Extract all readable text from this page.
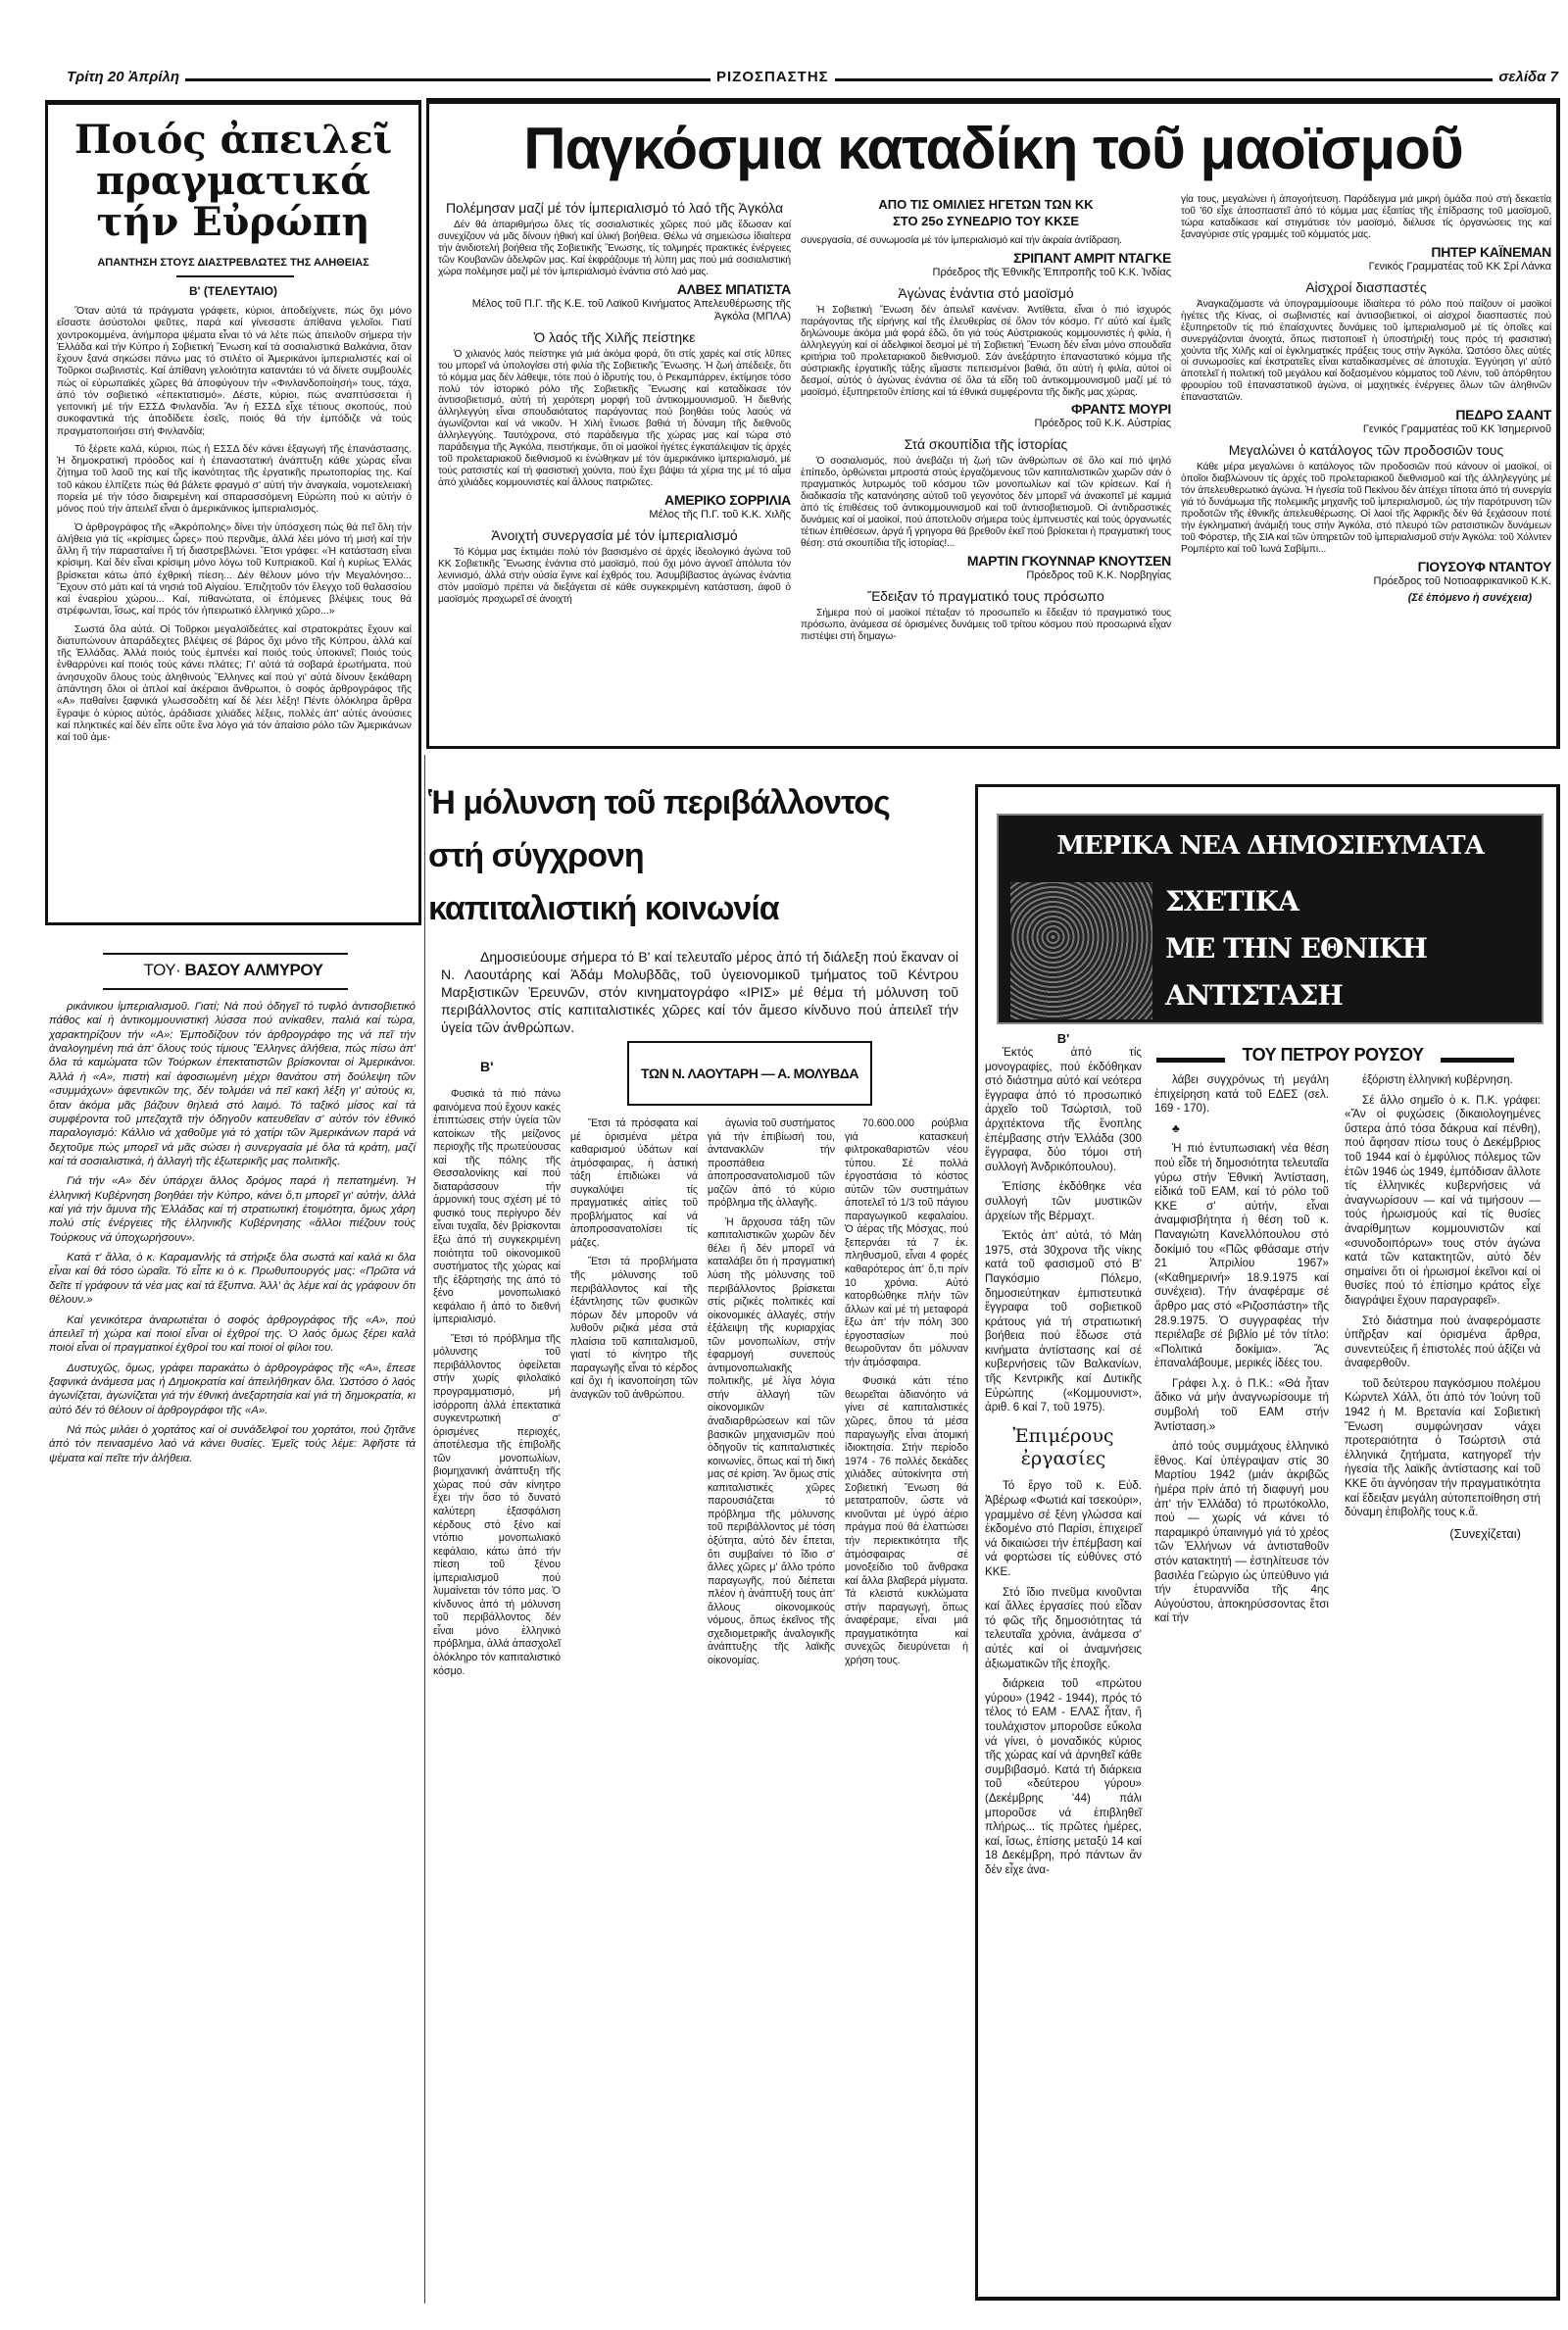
Τρίτη 20 Ἀπρίλη	ΡΙΖΟΣΠΑΣΤΗΣ	σελίδα 7
Ποιός ἀπειλεῖ
πραγματικά
τήν Εὐρώπη
ΑΠΑΝΤΗΣΗ ΣΤΟΥΣ ΔΙΑΣΤΡΕΒΛΩΤΕΣ ΤΗΣ ΑΛΗΘΕΙΑΣ
Β' (ΤΕΛΕΥΤΑΙΟ)

Ὅταν αὐτά τά πράγματα γράφετε, κύριοι, ἀποδείχνετε, πώς ὄχι μόνο εἴσαστε ἀσύστολοι ψεῦτες, παρά καί γίνεσαστε ἀπίθανα γελοῖοι. Γιατί χοντροκομμένα, ἀνήμπορα ψέματα εἶναι τό νά λέτε πώς ἀπειλοῦν σήμερα τήν Ἑλλάδα καί τήν Κύπρο ἡ Σοβιετική Ἕνωση καί τά σοσιαλιστικά Βαλκάνια, ὅταν ἔχουν ξανά σηκώσει πάνω μας τό στιλέτο οἱ Ἀμερικάνοι ἰμπεριαλιστές καί οἱ Τοῦρκοι σωβινιστές. Καί ἀπίθανη γελοιότητα καταντάει τό νά δίνετε συμβουλές πώς οἱ εὐρωπαϊκές χῶρες θά ἀποφύγουν τήν «Φινλανδοποίησή» τους, τάχα, ἀπό τόν σοβιετικό «ἐπεκτατισμό». Δέστε, κύριοι, πώς αναπτύσσεται ἡ γειτονική μέ τήν ΕΣΣΔ Φινλανδία. Ἄν ἡ ΕΣΣΔ εἶχε τέτιους σκοπούς, πού συκοφαντικά τής ἀποδίδετε ἐσεῖς, ποιός θά τήν ἐμπόδιζε νά τούς πραγματοποιήσει στή Φινλανδία;

Τό ξέρετε καλά, κύριοι, πώς ἡ ΕΣΣΔ δέν κάνει ἐξαγωγή τῆς ἐπανάστασης. Ἡ δημοκρατική πρόοδος καί ἡ ἐπαναστατική ἀνάπτυξη κάθε χώρας εἶναι ζήτημα τοῦ λαοῦ της καί τῆς ἱκανότητας τῆς ἐργατικῆς πρωτοπορίας της. Καί τοῦ κάκου ἐλπίζετε πώς θά βάλετε φραγμό σ' αὐτή τήν ἀναγκαία, νομοτελειακή πορεία μέ τήν τόσο διαιρεμένη καί σπαρασσόμενη Εὐρώπη πού κι αὐτήν ὁ μόνος πού τήν ἀπειλεῖ εἶναι ὁ ἀμερικάνικος ἰμπεριαλισμός.

Ὁ ἀρθρογράφος τῆς «Ἀκρόπολης» δίνει τήν ὑπόσχεση πώς θά πεῖ ὅλη τήν ἀλήθεια γιά τίς «κρίσιμες ὧρες» πού περνᾶμε, ἀλλά λέει μόνο τή μισή καί τήν ἄλλη ἤ τήν παρασταίνει ἤ τή διαστρεβλώνει. Ἔτσι γράφει: «Ἡ κατάσταση εἶναι κρίσιμη. Καί δέν εἶναι κρίσιμη μόνο λόγω τοῦ Κυπριακοῦ. Καί ἡ κυρίως Ἑλλάς βρίσκεται κάτω ἀπό ἐχθρική πίεση... Δέν θέλουν μόνο τήν Μεγαλόνησο... Ἔχουν στό μάτι καί τά νησιά τοῦ Αἰγαίου. Ἐπιζητοῦν τόν ἔλεγχο τοῦ θαλασσίου καί ἐναερίου χώρου... Καί, πιθανώτατα, οἱ ἑπόμενες βλέψεις τους θά στρέφωνται, ἴσως, καί πρός τόν ἠπειρωτικό ἑλληνικό χῶρο...»

Σωστά ὅλα αὐτά. Οἱ Τοῦρκοι μεγαλοϊδεάτες καί στρατοκράτες ἔχουν καί διατυπώνουν ἀπαράδεχτες βλέψεις σέ βάρος ὄχι μόνο τῆς Κύπρου, ἀλλά καί τῆς Ἑλλάδας. Ἀλλά ποιός τούς ἐμπνέει καί ποιός τούς ὑποκινεῖ; Ποιός τούς ἐνθαρρύνει καί ποιός τούς κάνει πλάτες; Γι' αὐτά τά σοβαρά ἐρωτήματα, πού ἀνησυχοῦν ὅλους τούς ἀληθινούς Ἕλληνες καί πού γι' αὐτά δίνουν ξεκάθαρη ἀπάντηση ὅλοι οἱ ἁπλοί καί ἀκέραιοι ἄνθρωποι, ὁ σοφός ἀρθρογράφος τῆς «Α» παθαίνει ξαφνικά γλωσσοδέτη καί δέ λέει λέξη! Πέντε ὁλόκληρα ἄρθρα ἔγραψε ὁ κύριος αὐτός, ἀράδιασε χιλιάδες λέξεις, πολλές ἀπ' αὐτές ἀνούσιες καί πληκτικές καί δέν εἶπε οὔτε ἕνα λόγο γιά τόν ἀπαίσιο ρόλο τῶν Ἀμερικάνων καί τοῦ ἀμε-

ΤΟΥ· ΒΑΣΟΥ ΑΛΜΥΡΟΥ

ρικάνικου ἰμπεριαλισμοῦ. Γιατί; Νά πού ὁδηγεῖ τό τυφλό ἀντισοβιετικό πάθος καί ἡ ἀντικομμουνιστική λύσσα πού ανίκαθεν, παλιά καί τώρα, χαρακτηρίζουν τήν «Α»: Ἐμποδίζουν τόν ἀρθρογράφο της νά πεῖ τήν ἀναλογημένη πιά ἀπ' ὅλους τούς τίμιους Ἕλληνες ἀλήθεια, πώς πίσω ἀπ' ὅλα τά καμώματα τῶν Τούρκων ἐπεκτατιστῶν βρίσκονται οἱ Ἀμερικάνοι. Ἀλλά ἡ «Α», πιστή καί ἀφοσιωμένη μέχρι θανάτου στή δούλεψη τῶν «συμμάχων» ἀφεντικῶν της, δέν τολμάει νά πεῖ κακή λέξη γι' αὐτούς κι, ὅταν ἀκόμα μᾶς βάζουν θηλειά στό λαιμό. Τό ταξικό μίσος καί τά συμφέροντα τοῦ μπεζαχτᾶ τήν ὁδηγοῦν κατευθεῖαν σ' αὐτόν τόν ἐθνικό παραλογισμό: Κάλλιο νά χαθοῦμε γιά τό χατίρι τῶν Ἀμερικάνων παρά νά δεχτοῦμε πώς μπορεῖ νά μᾶς σώσει ἡ συνεργασία μέ ὅλα τά κράτη, μαζί καί τά σοσιαλιστικά, ἡ ἀλλαγή τῆς ἐξωτερικῆς μας πολιτικῆς.

Γιά τήν «Α» δέν ὑπάρχει ἄλλος δρόμος παρά ἡ πεπατημένη. Ἡ ἑλληνική Κυβέρνηση βοηθάει τήν Κύπρο, κάνει ὅ,τι μπορεῖ γι' αὐτήν, ἀλλά καί γιά τήν ἄμυνα τῆς Ἑλλάδας καί τή στρατιωτική ἑτοιμότητα, ὅμως χάρη πολύ στίς ἐνέργειες τῆς ἑλληνικῆς Κυβέρνησης «ἄλλοι πιέζουν τούς Τούρκους νά ὑποχωρήσουν».

Κατά τ' ἄλλα, ὁ κ. Καραμανλής τά στήριξε ὅλα σωστά καί καλά κι ὅλα εἶναι καί θά τόσο ὡραῖα. Τό εἶπε κι ὁ κ. Πρωθυπουργός μας: «Πρῶτα νά δεῖτε τί γράφουν τά νέα μας καί τά ἔξυπνα. Ἀλλ' ἀς λέμε καί ἀς γράφουν ὅτι θέλουν.»

Καί γενικότερα ἀναρωτιέται ὁ σοφός ἀρθρογράφος τῆς «Α», πού ἀπειλεῖ τή χώρα καί ποιοί εἶναι οἱ ἐχθροί της. Ὁ λαός ὅμως ξέρει καλά ποιοί εἶναι οἱ πραγματικοί ἐχθροί του καί ποιοί οἱ φίλοι του.

Δυστυχῶς, ὅμως, γράφει παρακάτω ὁ ἀρθρογράφος τῆς «Α», ἔπεσε ξαφνικά ἀνάμεσα μας ἡ Δημοκρατία καί ἀπειλήθηκαν ὅλα. Ὡστόσο ὁ λαός ἀγωνίζεται, ἀγωνίζεται γιά τήν ἐθνική ἀνεξαρτησία καί γιά τή δημοκρατία, κι αὐτό δέν τό θέλουν οἱ ἀρθρογράφοι τῆς «Α».

Νά πώς μιλάει ὁ χορτάτος καί οἱ συνάδελφοί του χορτάτοι, πού ζητᾶνε ἀπό τόν πεινασμένο λαό νά κάνει θυσίες. Ἐμεῖς τούς λέμε: Ἀφῆστε τά ψέματα καί πεῖτε τήν ἀλήθεια.

Παγκόσμια καταδίκη τοῦ μαοϊσμοῦ
Πολέμησαν μαζί μέ τόν ἰμπεριαλισμό τό λαό τῆς Ἀγκόλα

Δέν θά ἀπαριθμήσω ὅλες τίς σοσιαλιστικές χῶρες πού μᾶς ἔδωσαν καί συνεχίζουν νά μᾶς δίνουν ἠθική καί ὑλική βοήθεια. Θέλω νά σημειώσω ἰδιαίτερα τήν ἀνιδιοτελή βοήθεια τῆς Σοβιετικῆς Ἕνωσης, τίς τολμηρές πρακτικές ἐνέργειες τῶν Κουβανῶν ἀδελφῶν μας. Καί ἐκφράζουμε τή λύπη μας πού μιά σοσιαλιστική χώρα πολέμησε μαζί μέ τόν ἰμπεριαλισμό ἐνάντια στό λαό μας.

ΑΛΒΕΣ ΜΠΑΤΙΣΤΑ
Μέλος τοῦ Π.Γ. τῆς Κ.Ε. τοῦ Λαϊκοῦ Κινήματος Ἀπελευθέρωσης τῆς Ἀγκόλα (ΜΠΛΑ)
Ὁ λαός τῆς Χιλῆς πείστηκε

Ὁ χιλιανός λαός πείστηκε γιά μιά ἀκόμα φορά, ὅτι στίς χαρές καί στίς λῦπες του μπορεῖ νά ὑπολογίσει στή φιλία τῆς Σοβιετικῆς Ἕνωσης. Ἡ ζωή ἀπέδειξε, ὅτι τό κόμμα μας δέν λάθεψε, τότε πού ὁ ἱδρυτής του, ὁ Ρεκαμπάρρεν, ἐκτίμησε τόσο πολύ τόν ἱστορικό ρόλο τῆς Σοβιετικῆς Ἕνωσης καί καταδίκασε τόν ἀντισοβιετισμό, αὐτή τή χειρότερη μορφή τοῦ ἀντικομμουνισμοῦ. Ἡ διεθνής ἀλληλεγγύη εἶναι σπουδαιότατος παράγοντας πού βοηθάει τούς λαούς νά ἀγωνίζονται καί νά νικοῦν. Ἡ Χιλή ἔνιωσε βαθιά τή δύναμη τῆς διεθνοῦς ἀλληλεγγύης. Ταυτόχρονα, στό παράδειγμα τῆς χώρας μας καί τώρα στό παράδειγμα τῆς Ἀγκόλα, πειστήκαμε, ὅτι οἱ μαοϊκοί ἡγέτες ἐγκατάλειψαν τίς ἀρχές τοῦ προλεταριακοῦ διεθνισμοῦ κι ἑνώθηκαν μέ τόν ἀμερικάνικο ἰμπεριαλισμό, μέ τούς ρατσιστές καί τή φασιστική χούντα, πού ἔχει βάψει τά χέρια της μέ τό αἷμα ἀπό χιλιάδες κομμουνιστές καί ἄλλους πατριῶτες.

ΑΜΕΡΙΚΟ ΣΟΡΡΙΛΙΑ
Μέλος τῆς Π.Γ. τοῦ Κ.Κ. Χιλῆς
Ἀνοιχτή συνεργασία μέ τόν ἰμπεριαλισμό

Τό Κόμμα μας ἐκτιμάει πολύ τόν βασισμένο σέ ἀρχές ἰδεολογικό ἀγώνα τοῦ ΚΚ Σοβιετικῆς Ἕνωσης ἐνάντια στό μαοϊσμό, πού ὄχι μόνο ἀγνοεῖ ἀπόλυτα τόν λενινισμό, ἀλλά στήν οὐσία ἔγινε καί ἐχθρός του. Ἀσυμβίβαστος ἀγώνας ἐνάντια στόν μαοϊσμό πρέπει νά διεξάγεται σέ κάθε συγκεκριμένη κατάσταση, ἀφοῦ ὁ μαοϊσμός προχωρεῖ σέ ἀνοιχτή

ΑΠΟ ΤΙΣ ΟΜΙΛΙΕΣ ΗΓΕΤΩΝ ΤΩΝ ΚΚ
ΣΤΟ 25ο ΣΥΝΕΔΡΙΟ ΤΟΥ ΚΚΣΕ

συνεργασία, σέ συνωμοσία μέ τόν ἰμπεριαλισμό καί τήν ἀκραία ἀντίδραση.

ΣΡΙΠΑΝΤ ΑΜΡΙΤ ΝΤΑΓΚΕ
Πρόεδρος τῆς Ἐθνικῆς Ἐπιτροπῆς τοῦ Κ.Κ. Ἰνδίας
Ἀγώνας ἐνάντια στό μαοϊσμό

Ἡ Σοβιετική Ἕνωση δέν ἀπειλεῖ κανέναν. Ἀντίθετα, εἶναι ὁ πιό ἰσχυρός παράγοντας τῆς εἰρήνης καί τῆς ἐλευθερίας σέ ὅλον τόν κόσμο. Γι' αὐτό καί ἐμεῖς δηλώνουμε ἀκόμα μιά φορά ἐδῶ, ὅτι γιά τούς Αὐστριακούς κομμουνιστές ἡ φιλία, ἡ ἀλληλεγγύη καί οἱ ἀδελφικοί δεσμοί μέ τή Σοβιετική Ἕνωση δέν εἶναι μόνο σπουδαῖα κριτήρια τοῦ προλεταριακοῦ διεθνισμοῦ. Σάν ἀνεξάρτητο ἐπαναστατικό κόμμα τῆς αὐστριακῆς ἐργατικῆς τάξης εἴμαστε πεπεισμένοι βαθιά, ὅτι αὐτή ἡ φιλία, αὐτοί οἱ δεσμοί, αὐτός ὁ ἀγώνας ἐνάντια σέ ὅλα τά εἴδη τοῦ ἀντικομμουνισμοῦ μαζί μέ τό μαοϊσμό, ἐξυπηρετοῦν ἐπίσης καί τά ἐθνικά συμφέροντα τῆς δικῆς μας χώρας.

ΦΡΑΝΤΣ ΜΟΥΡΙ
Πρόεδρος τοῦ Κ.Κ. Αὐστρίας
Στά σκουπίδια τῆς ἱστορίας

Ὁ σοσιαλισμός, πού ἀνεβάζει τή ζωή τῶν ἀνθρώπων σέ ὅλο καί πιό ψηλό ἐπίπεδο, ὀρθώνεται μπροστά στούς ἐργαζόμενους τῶν καπιταλιστικῶν χωρῶν σάν ὁ πραγματικός λυτρωμός τοῦ κόσμου τῶν μονοπωλίων καί τῶν κρίσεων. Καί ἡ διαδικασία τῆς κατανόησης αὐτοῦ τοῦ γεγονότος δέν μπορεῖ νά ἀνακοπεῖ μέ καμμιά ἀπό τίς ἐπιθέσεις τοῦ ἀντικομμουνισμοῦ καί τοῦ ἀντισοβιετισμοῦ. Οἱ ἀντιδραστικές δυνάμεις καί οἱ μαοϊκοί, πού ἀποτελοῦν σήμερα τούς ἐμπνευστές καί τούς ὀργανωτές τέτιων ἐπιθέσεων, ἀργά ἤ γρηγορα θά βρεθοῦν ἐκεῖ πού βρίσκεται ἡ πραγματική τους θέση: στά σκουπίδια τῆς ἱστορίας!...

ΜΑΡΤΙΝ ΓΚΟΥΝΝΑΡ ΚΝΟΥΤΣΕΝ
Πρόεδρος τοῦ Κ.Κ. Νορβηγίας
Ἔδειξαν τό πραγματικό τους πρόσωπο

Σήμερα πού οἱ μαοϊκοί πέταξαν τό προσωπεῖο κι ἔδειξαν τό πραγματικό τους πρόσωπο, ἀνάμεσα σέ ὁρισμένες δυνάμεις τοῦ τρίτου κόσμου πού προσωρινά εἶχαν πιστέψει στή δημαγω-

γία τους, μεγαλώνει ἡ ἀπογοήτευση. Παράδειγμα μιά μικρή ὁμάδα πού στή δεκαετία τοῦ '60 εἶχε ἀποσπαστεῖ ἀπό τό κόμμα μας ἐξαιτίας τῆς ἐπίδρασης τοῦ μαοϊσμοῦ, τώρα καταδίκασε καί στιγμάτισε τόν μαοϊσμό, διέλυσε τίς ὀργανώσεις της καί ξαναγύρισε στίς γραμμές τοῦ κόμματός μας.

ΠΗΤΕΡ ΚΑΪΝΕΜΑΝ
Γενικός Γραμματέας τοῦ ΚΚ Σρί Λάνκα
Αἰσχροί διασπαστές

Ἀναγκαζόμαστε νά ὑπογραμμίσουμε ἰδιαίτερα τό ρόλο πού παίζουν οἱ μαοϊκοί ἡγέτες τῆς Κίνας, οἱ σωβινιστές καί ἀντισοβιετικοί, οἱ αἰσχροί διασπαστές πού ἐξυπηρετοῦν τίς πιό ἐπαίσχυντες δυνάμεις τοῦ ἰμπεριαλισμοῦ μέ τίς ὁποῖες καί συνεργάζονται ἀνοιχτά, ὅπως πιστοποιεῖ ἡ ὑποστήριξή τους πρός τή φασιστική χούντα τῆς Χιλῆς καί οἱ ἐγκληματικές πράξεις τους στήν Ἀγκόλα. Ὡστόσο ὅλες αὐτές οἱ συνωμοσίες καί ἐκστρατεῖες εἶναι καταδικασμένες σέ ἀποτυχία. Ἐγγύηση γι' αὐτό ἀποτελεῖ ἡ πολιτική τοῦ μεγάλου καί δοξασμένου κόμματος τοῦ Λένιν, τοῦ ἀπόρθητου φρουρίου τοῦ ἐπαναστατικοῦ ἀγώνα, οἱ μαχητικές ἐνέργειες ὅλων τῶν ἀληθινῶν ἐπαναστατῶν.

ΠΕΔΡΟ ΣΑΑΝΤ
Γενικός Γραμματέας τοῦ ΚΚ Ἰσημερινοῦ
Μεγαλώνει ὁ κατάλογος τῶν προδοσιῶν τους

Κάθε μέρα μεγαλώνει ὁ κατάλογος τῶν προδοσιῶν πού κάνουν οἱ μαοϊκοί, οἱ ὁποῖοι διαβλώνουν τίς ἀρχές τοῦ προλεταριακοῦ διεθνισμοῦ καί τῆς ἀλληλεγγύης μέ τόν ἀπελευθερωτικό ἀγώνα. Ἡ ἡγεσία τοῦ Πεκίνου δέν ἀπέχει τίποτα ἀπό τή συνεργία γιά τό δυνάμωμα τῆς πολεμικῆς μηχανῆς τοῦ ἰμπεριαλισμοῦ, ὡς τήν παρότρυνση τῶν προδοτῶν τῆς ἐθνικῆς ἀπελευθέρωσης. Οἱ λαοί τῆς Ἀφρικῆς δέν θά ξεχάσουν ποτέ τήν ἐγκληματική ἀνάμιξή τους στήν Ἀγκόλα, στό πλευρό τῶν ρατσιστικῶν δυνάμεων τοῦ Φόρστερ, τῆς ΣΙΑ καί τῶν ὑπηρετῶν τοῦ ἰμπεριαλισμοῦ στήν Ἀγκόλα: τοῦ Χόλντεν Ρομπέρτο καί τοῦ Ἰωνά Σαβίμπι...

ΓΙΟΥΣΟΥΦ ΝΤΑΝΤΟΥ
Πρόεδρος τοῦ Νοτιοαφρικανικοῦ Κ.Κ.
(Σέ ἑπόμενο ἡ συνέχεια)
Ἡ μόλυνση τοῦ περιβάλλοντος
στή σύγχρονη
καπιταλιστική κοινωνία
Δημοσιεύουμε σήμερα τό Β' καί τελευταῖο μέρος ἀπό τή διάλεξη πού ἔκαναν οἱ Ν. Λαουτάρης καί Ἀδάμ Μολυβδᾶς, τοῦ ὑγειονομικοῦ τμήματος τοῦ Κέντρου Μαρξιστικῶν Ἐρευνῶν, στόν κινηματογράφο «ΙΡΙΣ» μέ θέμα τή μόλυνση τοῦ περιβάλλοντος στίς καπιταλιστικές χῶρες καί τόν ἄμεσο κίνδυνο πού ἀπειλεῖ τήν ὑγεία τῶν ἀνθρώπων.
Β'	ΤΩΝ Ν. ΛΑΟΥΤΑΡΗ — Α. ΜΟΛΥΒΔΑ

Φυσικά τά πιό πάνω φαινόμενα πού ἔχουν κακές ἐπιπτώσεις στήν ὑγεία τῶν κατοίκων τῆς μείζονος περιοχῆς τῆς πρωτεύουσας καί τῆς πόλης τῆς Θεσσαλονίκης καί πού διαταράσσουν τήν ἁρμονική τους σχέση μέ τό φυσικό τους περίγυρο δέν εἶναι τυχαῖα, δέν βρίσκονται ἔξω ἀπό τή συγκεκριμένη ποιότητα τοῦ οἰκονομικοῦ συστήματος τῆς χώρας καί τῆς ἐξάρτησής της ἀπό τό ξένο μονοπωλιακό κεφάλαιο ἤ ἀπό το διεθνή ἰμπεριαλισμό.

Ἔτσι τό πρόβλημα τῆς μόλυνσης τοῦ περιβάλλοντος ὀφείλεται στήν χωρίς φιλολαϊκό προγραμματισμό, μή ἰσόρροπη ἀλλά ἐπεκτατικά συγκεντρωτική σ' ὁρισμένες περιοχές, ἀποτέλεσμα τῆς ἐπιβολῆς τῶν μονοπωλίων, βιομηχανική ἀνάπτυξη τῆς χώρας πού σάν κίνητρο ἔχει τήν ὅσο τό δυνατό καλύτερη ἐξασφάλιση κέρδους στό ξένο καί ντόπιο μονοπωλιακό κεφάλαιο, κάτω ἀπό τήν πίεση τοῦ ξένου ἰμπεριαλισμοῦ πού λυμαίνεται τόν τόπο μας. Ὁ κίνδυνος ἀπό τή μόλυνση τοῦ περιβάλλοντος δέν εἶναι μόνο ἑλληνικό πρόβλημα, ἀλλά ἀπασχολεῖ ὁλόκληρο τόν καπιταλιστικό κόσμο.

Ἔτσι τά πρόσφατα καί μέ ὁρισμένα μέτρα καθαρισμού ὑδάτων καί ἀτμόσφαιρας, ἡ ἀστική τάξη ἐπιδιώκει νά συγκαλύψει τίς πραγματικές αἰτίες τοῦ προβλήματος καί νά ἀποπροσανατολίσει τίς μάζες.

Ἔτσι τά προβλήματα τῆς μόλυνσης τοῦ περιβάλλοντος καί τῆς ἐξάντλησης τῶν φυσικῶν πόρων δέν μποροῦν νά λυθοῦν ριζικά μέσα στά πλαίσια τοῦ καπιταλισμοῦ, γιατί τό κίνητρο τῆς παραγωγῆς εἶναι τό κέρδος καί ὄχι ἡ ἱκανοποίηση τῶν ἀναγκῶν τοῦ ἀνθρώπου.

ἀγωνία τοῦ συστήματος γιά τήν ἐπιβίωσή του, ἀντανακλῶν τήν προσπάθεια ἀποπροσανατολισμοῦ τῶν μαζῶν ἀπό τό κύριο πρόβλημα τῆς ἀλλαγῆς.

Ἡ ἄρχουσα τάξη τῶν καπιταλιστικῶν χωρῶν δέν θέλει ἤ δέν μπορεῖ νά καταλάβει ὅτι ἡ πραγματική λύση τῆς μόλυνσης τοῦ περιβάλλοντος βρίσκεται στίς ριζικές πολιτικές καί οἰκονομικές ἀλλαγές, στήν ἐξάλειψη τῆς κυριαρχίας τῶν μονοπωλίων, στήν ἐφαρμογή συνεπούς ἀντιμονοπωλιακῆς πολιτικῆς, μέ λίγα λόγια στήν ἀλλαγή τῶν οἰκονομικῶν ἀναδιαρθρώσεων καί τῶν βασικῶν μηχανισμῶν πού ὁδηγοῦν τίς καπιταλιστικές κοινωνίες, ὅπως καί τή δική μας σέ κρίση. Ἄν ὅμως στίς καπιταλιστικές χῶρες παρουσιάζεται τό πρόβλημα τῆς μόλυνσης τοῦ περιβάλλοντος μέ τόση ὀξύτητα, αὐτό δέν ἕπεται, ὅτι συμβαίνει τό ἴδιο σ' ἄλλες χῶρες μ' ἄλλο τρόπο παραγωγῆς, πού διέπεται πλέον ἡ ἀνάπτυξή τους ἀπ' ἄλλους οἰκονομικούς νόμους, ὅπως ἐκεῖνος τῆς σχεδιομετρικῆς ἀναλογικῆς ἀνάπτυξης τῆς λαϊκῆς οἰκονομίας.

70.600.000 ρούβλια γιά κατασκευή φιλτροκαθαριστῶν νέου τύπου. Σέ πολλά ἐργοστάσια τό κόστος αὐτῶν τῶν συστημάτων ἀποτελεῖ τό 1/3 τοῦ πάγιου παραγωγικοῦ κεφαλαίου. Ὁ ἀέρας τῆς Μόσχας, πού ξεπερνάει τά 7 ἑκ. πληθυσμοῦ, εἶναι 4 φορές καθαρότερος ἀπ' ὅ,τι πρίν 10 χρόνια. Αὐτό κατορθώθηκε πλήν τῶν ἄλλων καί μέ τή μεταφορά ἔξω ἀπ' τήν πόλη 300 ἐργοστασίων πού θεωροῦνταν ὅτι μόλυναν τήν ἀτμόσφαιρα.

Φυσικά κάτι τέτιο θεωρεῖται ἀδιανόητο νά γίνει σέ καπιταλιστικές χῶρες, ὅπου τά μέσα παραγωγῆς εἶναι ἀτομική ἰδιοκτησία. Στήν περίοδο 1974 - 76 πολλές δεκάδες χιλιάδες αὐτοκίνητα στή Σοβιετική Ἕνωση θά μετατραποῦν, ὥστε νά κινοῦνται μέ ὑγρό ἀέριο πράγμα πού θά ἐλαττώσει τήν περιεκτικότητα τῆς ἀτμόσφαιρας σέ μονοξείδιο τοῦ ἄνθρακα καί ἄλλα βλαβερά μίγματα. Τά κλειστά κυκλώματα στήν παραγωγή, ὅπως ἀναφέραμε, εἶναι μιά πραγματικότητα καί συνεχῶς διευρύνεται ἡ χρήση τους.

ΜΕΡΙΚΑ ΝΕΑ ΔΗΜΟΣΙΕΥΜΑΤΑ
ΣΧΕΤΙΚΑ
ΜΕ ΤΗΝ ΕΘΝΙΚΗ
ΑΝΤΙΣΤΑΣΗ
ΤΟΥ ΠΕΤΡΟΥ ΡΟΥΣΟΥ
Β'

Ἐκτός ἀπό τίς μονογραφίες, πού ἐκδόθηκαν στό διάστημα αὐτό καί νεότερα ἔγγραφα ἀπό τό προσωπικό ἀρχεῖο τοῦ Τσώρτσιλ, τοῦ ἀρχιτέκτονα τῆς ἔνοπλης ἐπέμβασης στήν Ἑλλάδα (300 ἔγγραφα, δύο τόμοι στή συλλογή Ἀνδρικόπουλου).

Ἐπίσης ἐκδόθηκε νέα συλλογή τῶν μυστικῶν ἀρχείων τῆς Βέρμαχτ.

Ἐκτός ἀπ' αὐτά, τό Μάη 1975, στά 30χρονα τῆς νίκης κατά τοῦ φασισμοῦ στό Β' Παγκόσμιο Πόλεμο, δημοσιεύτηκαν ἐμπιστευτικά ἔγγραφα τοῦ σοβιετικοῦ κράτους γιά τή στρατιωτική βοήθεια πού ἔδωσε στά κινήματα ἀντίστασης καί σέ κυβερνήσεις τῶν Βαλκανίων, τῆς Κεντρικῆς καί Δυτικῆς Εὐρώπης («Κομμουνιστ», ἀριθ. 6 καί 7, τοῦ 1975).

Ἐπιμέρους ἐργασίες

Τό ἔργο τοῦ κ. Εὐδ. Ἀβέρωφ «Φωτιά καί τσεκούρι», γραμμένο σέ ξένη γλώσσα καί ἐκδομένο στό Παρίσι, ἐπιχειρεῖ νά δικαιώσει τήν ἐπέμβαση καί νά φορτώσει τίς εὐθύνες στό ΚΚΕ.

Στό ἴδιο πνεῦμα κινοῦνται καί ἄλλες ἐργασίες πού εἶδαν τό φῶς τῆς δημοσιότητας τά τελευταῖα χρόνια, ἀνάμεσα σ' αὐτές καί οἱ ἀναμνήσεις ἀξιωματικῶν τῆς ἐποχῆς.

διάρκεια τοῦ «πρώτου γύρου» (1942 - 1944), πρός τό τέλος τό ΕΑΜ - ΕΛΑΣ ἦταν, ἤ τουλάχιστον μποροῦσε εὔκολα νά γίνει, ὁ μοναδικός κύριος τῆς χώρας καί νά ἀρνηθεῖ κάθε συμβιβασμό. Κατά τή διάρκεια τοῦ «δεύτερου γύρου» (Δεκέμβρης '44) πάλι μποροῦσε νά ἐπιβληθεῖ πλήρως... τίς πρῶτες ἡμέρες, καί, ἴσως, ἐπίσης μεταξύ 14 καί 18 Δεκέμβρη, πρό πάντων ἄν δέν εἶχε ἀνα-

λάβει συγχρόνως τή μεγάλη ἐπιχείρηση κατά τοῦ ΕΔΕΣ (σελ. 169 - 170).

♣

Ἡ πιό ἐντυπωσιακή νέα θέση πού εἶδε τή δημοσιότητα τελευταῖα γύρω στήν Ἐθνική Ἀντίσταση, εἰδικά τοῦ ΕΑΜ, καί τό ρόλο τοῦ ΚΚΕ σ' αὐτήν, εἶναι ἀναμφισβήτητα ἡ θέση τοῦ κ. Παναγιώτη Κανελλόπουλου στό δοκίμιό του «Πῶς φθάσαμε στήν 21 Ἀπριλίου 1967» («Καθημερινή» 18.9.1975 καί συνέχεια). Τήν ἀναφέραμε σέ ἄρθρο μας στό «Ριζοσπάστη» τῆς 28.9.1975. Ὁ συγγραφέας τήν περιέλαβε σέ βιβλίο μέ τόν τίτλο: «Πολιτικά δοκίμια». Ἄς ἐπαναλάβουμε, μερικές ἰδέες του.

Γράφει λ.χ. ὁ Π.Κ.: «Θά ἦταν ἄδικο νά μήν ἀναγνωρίσουμε τή συμβολή τοῦ ΕΑΜ στήν Ἀντίσταση.»

ἀπό τούς συμμάχους ἑλληνικό ἔθνος. Καί ὑπέγραψαν στίς 30 Μαρτίου 1942 (μιάν ἀκριβῶς ἡμέρα πρίν ἀπό τή διαφυγή μου ἀπ' τήν Ἑλλάδα) τό πρωτόκολλο, πού — χωρίς νά κάνει τό παραμικρό ὑπαινιγμό γιά τό χρέος τῶν Ἑλλήνων νά ἀντισταθοῦν στόν κατακτητή — ἐστηλίτευσε τόν βασιλέα Γεώργιο ὡς ὑπεύθυνο γιά τήν ἐτυραννίδα τῆς 4ης Αὐγούστου, ἀποκηρύσσοντας ἔτσι καί τήν

ἐξόριστη ἑλληνική κυβέρνηση.

Σέ ἄλλο σημεῖο ὁ κ. Π.Κ. γράφει: «Ἄν οἱ φυχώσεις (δικαιολογημένες ὕστερα ἀπό τόσα δάκρυα καί πένθη), πού ἄφησαν πίσω τους ὁ Δεκέμβριος τοῦ 1944 καί ὁ ἐμφύλιος πόλεμος τῶν ἐτῶν 1946 ὡς 1949, ἐμπόδισαν ἄλλοτε τίς ἑλληνικές κυβερνήσεις νά ἀναγνωρίσουν — καί νά τιμήσουν — τούς ἡρωισμούς καί τίς θυσίες ἀναρίθμητων κομμουνιστῶν καί «συνοδοιπόρων» τους στόν ἀγώνα κατά τῶν κατακτητῶν, αὐτό δέν σημαίνει ὅτι οἱ ἡρωισμοί ἐκεῖνοι καί οἱ θυσίες πού τό ἐπίσημο κράτος εἶχε διαγράψει ἔχουν παραγραφεῖ».

Στό διάστημα πού ἀναφερόμαστε ὑπῆρξαν καί ὁρισμένα ἄρθρα, συνεντεύξεις ἤ ἐπιστολές πού ἀξίζει νά ἀναφερθοῦν.

τοῦ δεύτερου παγκόσμιου πολέμου Κώρντελ Χάλλ, ὅτι ἀπό τόν Ἰούνη τοῦ 1942 ἡ Μ. Βρετανία καί Σοβιετική Ἕνωση συμφώνησαν νάχει προτεραιότητα ὁ Τσώρτσιλ στά ἑλληνικά ζητήματα, κατηγορεῖ τήν ἡγεσία τῆς λαϊκῆς ἀντίστασης καί τοῦ ΚΚΕ ὅτι ἀγνόησαν τήν πραγματικότητα καί ἔδειξαν μεγάλη αὐτοπεποίθηση στή δύναμη ἐπιβολῆς τους κ.ἄ.

(Συνεχίζεται)
